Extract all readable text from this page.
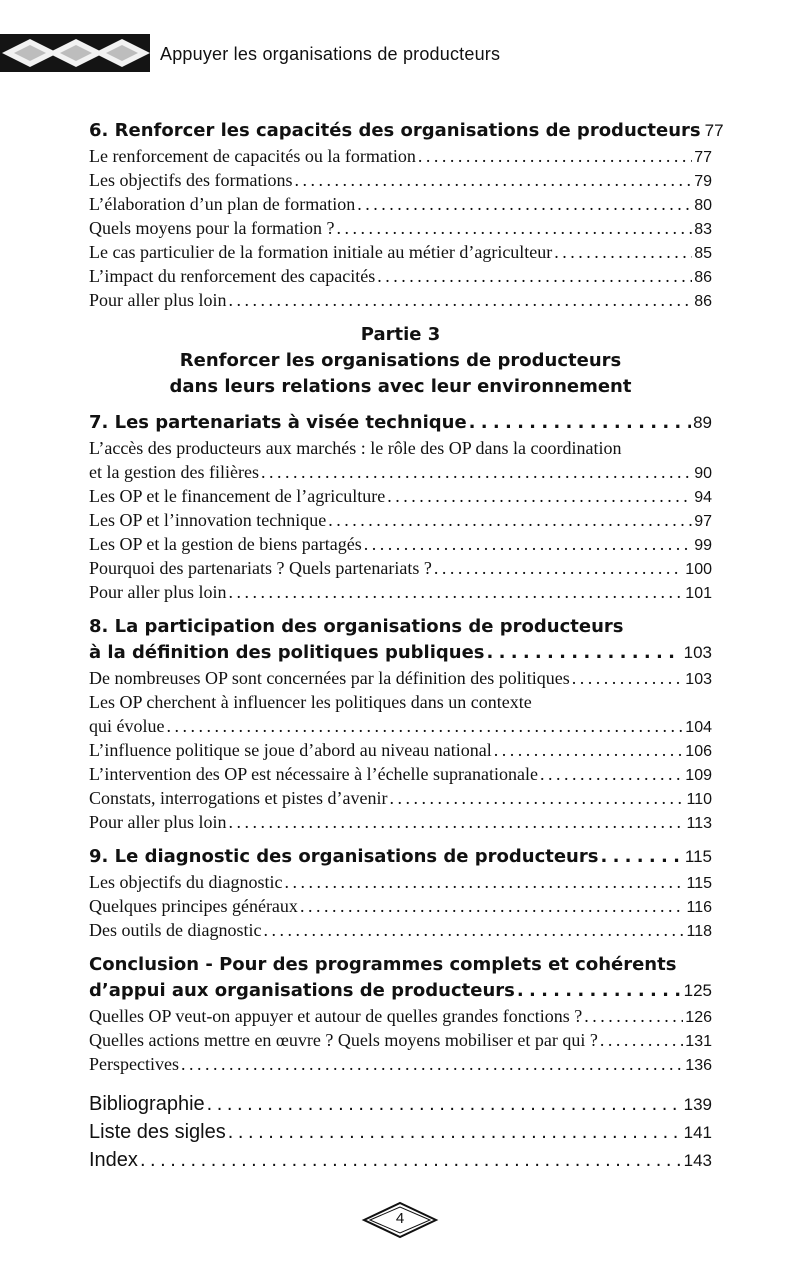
Appuyer les organisations de producteurs
6. Renforcer les capacités des organisations de producteurs 77
Le renforcement de capacités ou la formation . . .	77
Les objectifs des formations . . .	79
L’élaboration d’un plan de formation . . .	80
Quels moyens pour la formation ? . . .	83
Le cas particulier de la formation initiale au métier d’agriculteur . . .	85
L’impact du renforcement des capacités . . .	86
Pour aller plus loin . . .	86
Partie 3
Renforcer les organisations de producteurs
dans leurs relations avec leur environnement
7. Les partenariats à visée technique . . .	89
L’accès des producteurs aux marchés : le rôle des OP dans la coordination
et la gestion des filières . . .	90
Les OP et le financement de l’agriculture . . .	94
Les OP et l’innovation technique . . .	97
Les OP et la gestion de biens partagés . . .	99
Pourquoi des partenariats ? Quels partenariats ? . . .	100
Pour aller plus loin . . .	101
8. La participation des organisations de producteurs
à la définition des politiques publiques . . .	103
De nombreuses OP sont concernées par la définition des politiques . . .	103
Les OP cherchent à influencer les politiques dans un contexte
qui évolue . . .	104
L’influence politique se joue d’abord au niveau national . . .	106
L’intervention des OP est nécessaire à l’échelle supranationale . . .	109
Constats, interrogations et pistes d’avenir . . .	110
Pour aller plus loin . . .	113
9. Le diagnostic des organisations de producteurs . . .	115
Les objectifs du diagnostic . . .	115
Quelques principes généraux . . .	116
Des outils de diagnostic . . .	118
Conclusion - Pour des programmes complets et cohérents
d’appui aux organisations de producteurs . . .	125
Quelles OP veut-on appuyer et autour de quelles grandes fonctions ? . . .	126
Quelles actions mettre en œuvre ? Quels moyens mobiliser et par qui ? . . .	131
Perspectives . . .	136
Bibliographie . . .	139
Liste des sigles . . .	141
Index . . .	143
4
